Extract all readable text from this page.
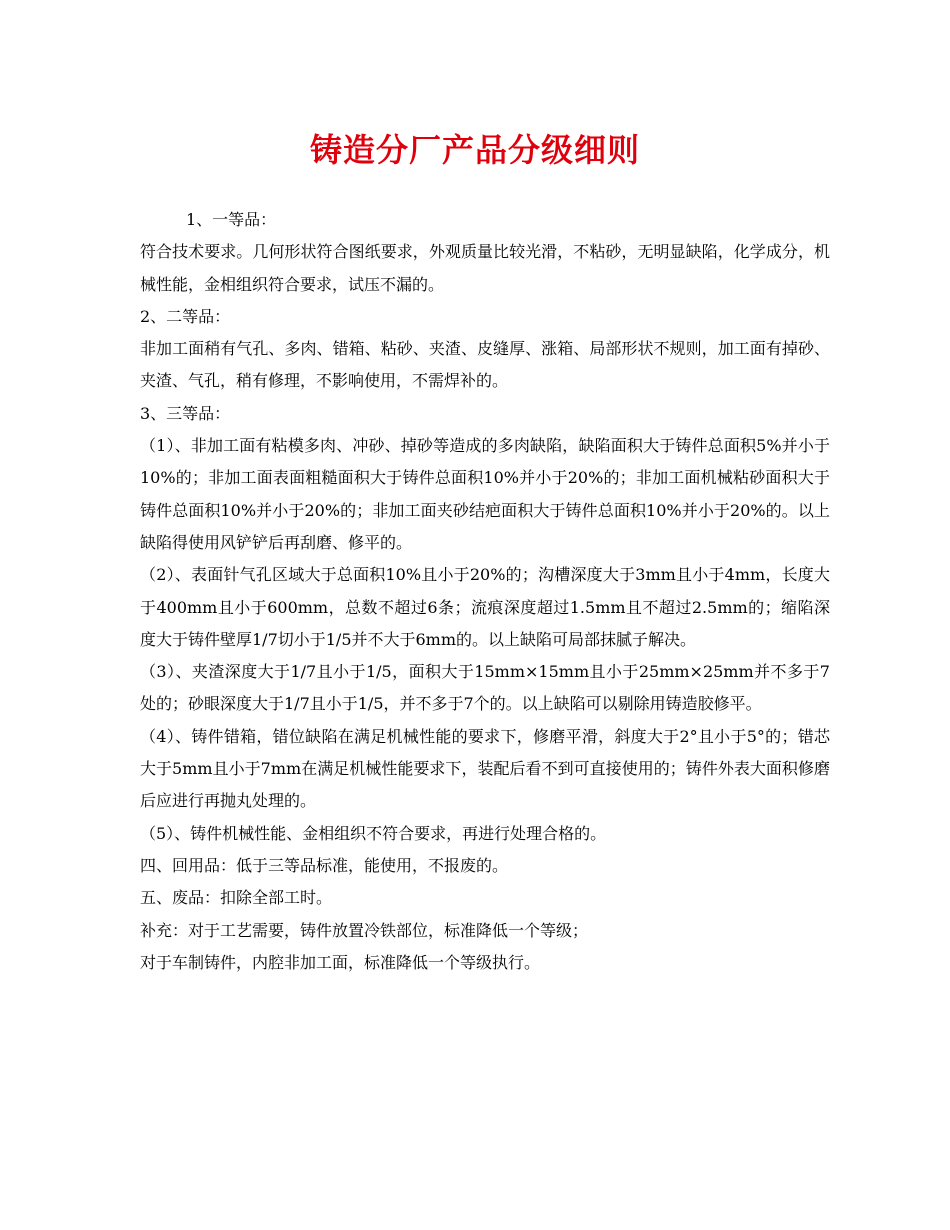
铸造分厂产品分级细则

1、一等品：

符合技术要求。几何形状符合图纸要求，外观质量比较光滑，不粘砂，无明显缺陷，化学成分，机械性能，金相组织符合要求，试压不漏的。

2、二等品：

非加工面稍有气孔、多肉、错箱、粘砂、夹渣、皮缝厚、涨箱、局部形状不规则，加工面有掉砂、夹渣、气孔，稍有修理，不影响使用，不需焊补的。

3、三等品：

（1）、非加工面有粘模多肉、冲砂、掉砂等造成的多肉缺陷，缺陷面积大于铸件总面积5%并小于10%的；非加工面表面粗糙面积大于铸件总面积10%并小于20%的；非加工面机械粘砂面积大于铸件总面积10%并小于20%的；非加工面夹砂结疤面积大于铸件总面积10%并小于20%的。以上缺陷得使用风铲铲后再刮磨、修平的。

（2）、表面针气孔区域大于总面积10%且小于20%的；沟槽深度大于3mm且小于4mm，长度大于400mm且小于600mm，总数不超过6条；流痕深度超过1.5mm且不超过2.5mm的；缩陷深度大于铸件壁厚1/7切小于1/5并不大于6mm的。以上缺陷可局部抹腻子解决。

（3）、夹渣深度大于1/7且小于1/5，面积大于15mm×15mm且小于25mm×25mm并不多于7处的；砂眼深度大于1/7且小于1/5，并不多于7个的。以上缺陷可以剔除用铸造胶修平。

（4）、铸件错箱，错位缺陷在满足机械性能的要求下，修磨平滑，斜度大于2°且小于5°的；错芯大于5mm且小于7mm在满足机械性能要求下，装配后看不到可直接使用的；铸件外表大面积修磨后应进行再抛丸处理的。

（5）、铸件机械性能、金相组织不符合要求，再进行处理合格的。

四、回用品：低于三等品标准，能使用，不报废的。

五、废品：扣除全部工时。

补充：对于工艺需要，铸件放置冷铁部位，标准降低一个等级；

对于车制铸件，内腔非加工面，标准降低一个等级执行。
